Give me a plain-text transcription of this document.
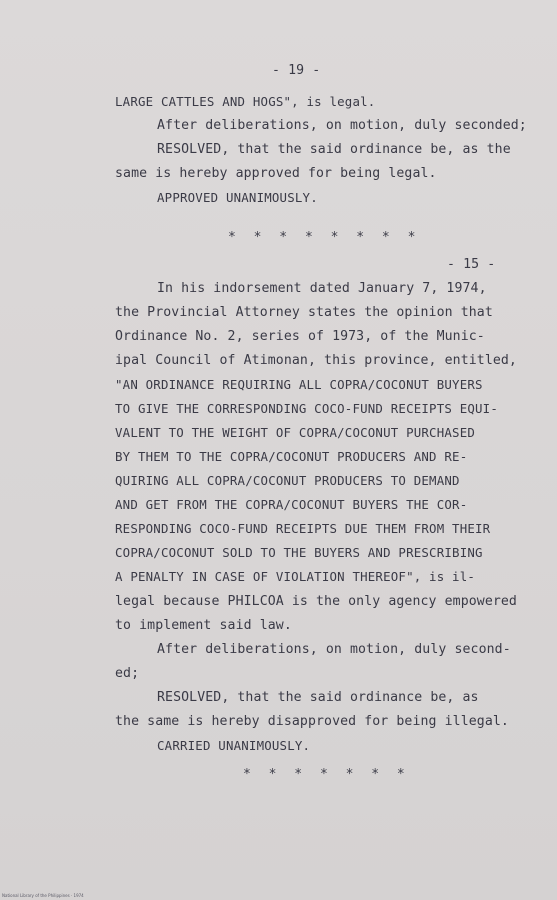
- 19 -
LARGE CATTLES AND HOGS", is legal.
After deliberations, on motion, duly seconded;
RESOLVED, that the said ordinance be, as the
same is hereby approved for being legal.
APPROVED UNANIMOUSLY.
* * * * * * * *
- 15 -
In his indorsement dated January 7, 1974,
the Provincial Attorney states the opinion that
Ordinance No. 2, series of 1973, of the Munic-
ipal Council of Atimonan, this province, entitled,
"AN ORDINANCE REQUIRING ALL COPRA/COCONUT BUYERS
TO GIVE THE CORRESPONDING COCO-FUND RECEIPTS EQUI-
VALENT TO THE WEIGHT OF COPRA/COCONUT PURCHASED
BY THEM TO THE COPRA/COCONUT PRODUCERS AND RE-
QUIRING ALL COPRA/COCONUT PRODUCERS TO DEMAND
AND GET FROM THE COPRA/COCONUT BUYERS THE COR-
RESPONDING COCO-FUND RECEIPTS DUE THEM FROM THEIR
COPRA/COCONUT SOLD TO THE BUYERS AND PRESCRIBING
A PENALTY IN CASE OF VIOLATION THEREOF", is il-
legal because PHILCOA is the only agency empowered
to implement said law.
After deliberations, on motion, duly second-
ed;
RESOLVED, that the said ordinance be, as
the same is hereby disapproved for being illegal.
CARRIED UNANIMOUSLY.
* * * * * * *
National Library of the Philippines · 1974
